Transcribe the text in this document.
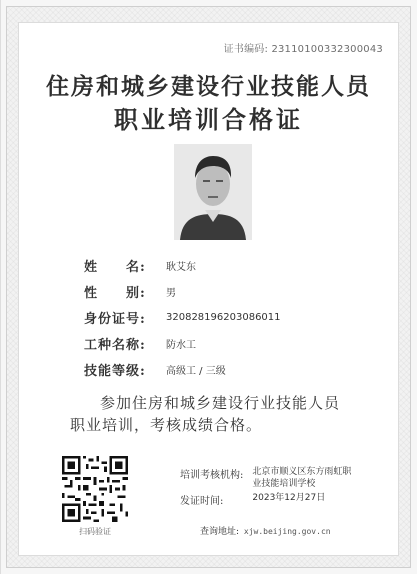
证书编码: 23110100332300043
住房和城乡建设行业技能人员
职业培训合格证
姓　　名:	耿艾东
性　　别:	男
身份证号:	320828196203086011
工种名称:	防水工
技能等级:	高级工 / 三级
参加住房和城乡建设行业技能人员
职业培训，考核成绩合格。
扫码验证
培训考核机构:	北京市顺义区东方雨虹职业技能培训学校
发证时间:	2023年12月27日
查询地址: xjw.beijing.gov.cn
